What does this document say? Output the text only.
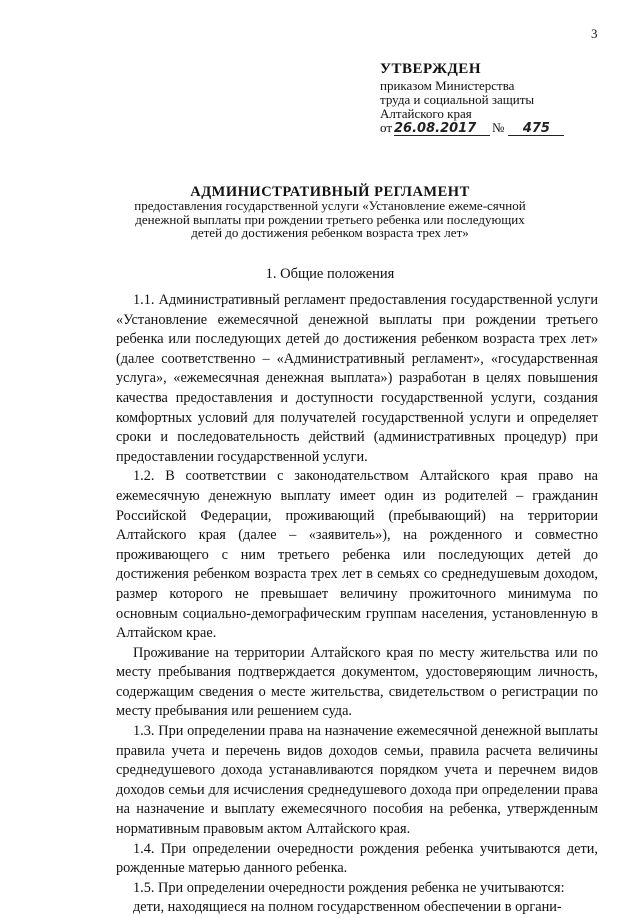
3
УТВЕРЖДЕН
приказом Министерства
труда и социальной защиты
Алтайского края
от 26.08.2017 № 475
АДМИНИСТРАТИВНЫЙ РЕГЛАМЕНТ
предоставления государственной услуги «Установление ежеме-сячной денежной выплаты при рождении третьего ребенка или последующих детей до достижения ребенком возраста трех лет»
1. Общие положения

1.1. Административный регламент предоставления государственной услуги «Установление ежемесячной денежной выплаты при рождении третьего ребенка или последующих детей до достижения ребенком возраста трех лет» (далее соответственно – «Административный регламент», «государственная услуга», «ежемесячная денежная выплата») разработан в целях повышения качества предоставления и доступности государственной услуги, создания комфортных условий для получателей государственной услуги и определяет сроки и последовательность действий (административных процедур) при предоставлении государственной услуги.

1.2. В соответствии с законодательством Алтайского края право на ежемесячную денежную выплату имеет один из родителей – гражданин Российской Федерации, проживающий (пребывающий) на территории Алтайского края (далее – «заявитель»), на рожденного и совместно проживающего с ним третьего ребенка или последующих детей до достижения ребенком возраста трех лет в семьях со среднедушевым доходом, размер которого не превышает величину прожиточного минимума по основным социально-демографическим группам населения, установленную в Алтайском крае.

Проживание на территории Алтайского края по месту жительства или по месту пребывания подтверждается документом, удостоверяющим личность, содержащим сведения о месте жительства, свидетельством о регистрации по месту пребывания или решением суда.

1.3. При определении права на назначение ежемесячной денежной выплаты правила учета и перечень видов доходов семьи, правила расчета величины среднедушевого дохода устанавливаются порядком учета и перечнем видов доходов семьи для исчисления среднедушевого дохода при определении права на назначение и выплату ежемесячного пособия на ребенка, утвержденным нормативным правовым актом Алтайского края.

1.4. При определении очередности рождения ребенка учитываются дети, рожденные матерью данного ребенка.

1.5. При определении очередности рождения ребенка не учитываются:

дети, находящиеся на полном государственном обеспечении в органи-
